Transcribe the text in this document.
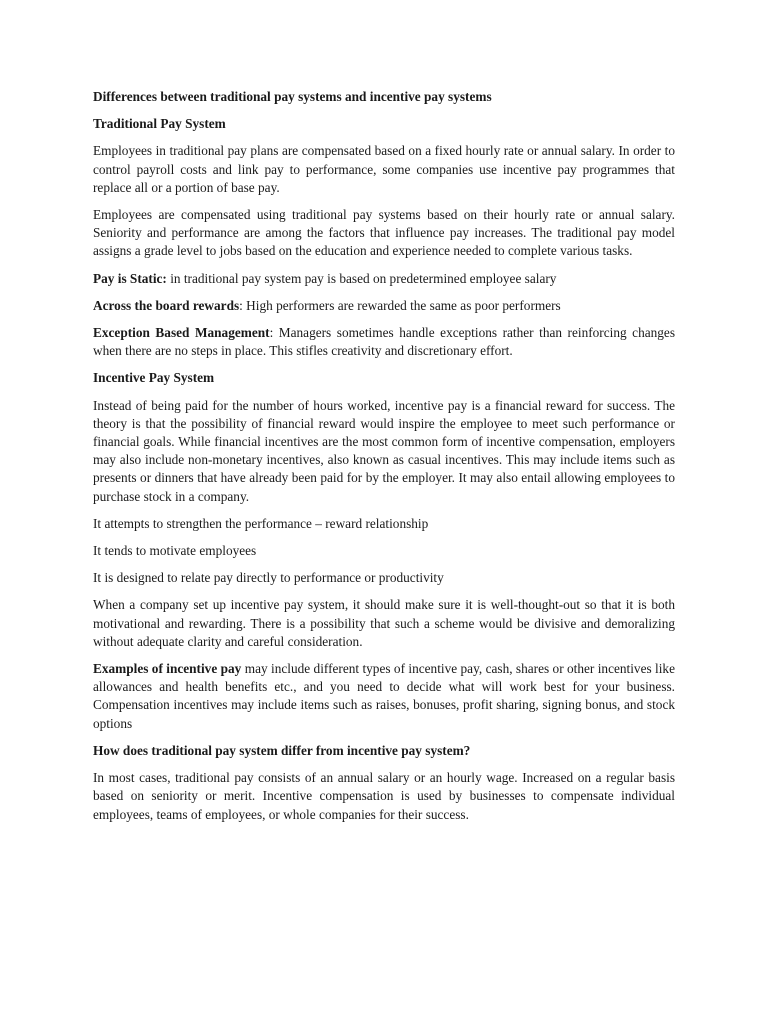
Differences between traditional pay systems and incentive pay systems

Traditional Pay System

Employees in traditional pay plans are compensated based on a fixed hourly rate or annual salary. In order to control payroll costs and link pay to performance, some companies use incentive pay programmes that replace all or a portion of base pay.

Employees are compensated using traditional pay systems based on their hourly rate or annual salary. Seniority and performance are among the factors that influence pay increases. The traditional pay model assigns a grade level to jobs based on the education and experience needed to complete various tasks.

Pay is Static: in traditional pay system pay is based on predetermined employee salary

Across the board rewards: High performers are rewarded the same as poor performers

Exception Based Management: Managers sometimes handle exceptions rather than reinforcing changes when there are no steps in place. This stifles creativity and discretionary effort.

Incentive Pay System

Instead of being paid for the number of hours worked, incentive pay is a financial reward for success. The theory is that the possibility of financial reward would inspire the employee to meet such performance or financial goals. While financial incentives are the most common form of incentive compensation, employers may also include non-monetary incentives, also known as casual incentives. This may include items such as presents or dinners that have already been paid for by the employer. It may also entail allowing employees to purchase stock in a company.

It attempts to strengthen the performance – reward relationship

It tends to motivate employees

It is designed to relate pay directly to performance or productivity

When a company set up incentive pay system, it should make sure it is well-thought-out so that it is both motivational and rewarding. There is a possibility that such a scheme would be divisive and demoralizing without adequate clarity and careful consideration.

Examples of incentive pay may include different types of incentive pay, cash, shares or other incentives like allowances and health benefits etc., and you need to decide what will work best for your business. Compensation incentives may include items such as raises, bonuses, profit sharing, signing bonus, and stock options

How does traditional pay system differ from incentive pay system?

In most cases, traditional pay consists of an annual salary or an hourly wage. Increased on a regular basis based on seniority or merit. Incentive compensation is used by businesses to compensate individual employees, teams of employees, or whole companies for their success.
